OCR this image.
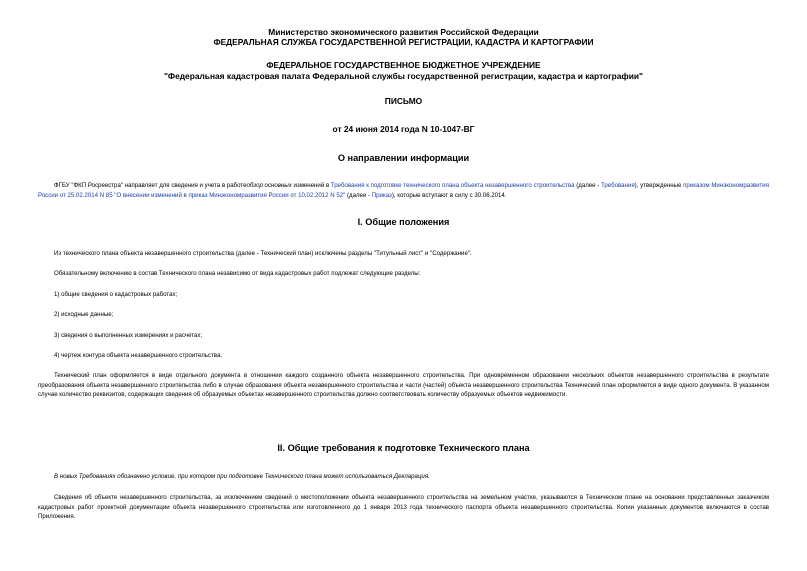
Министерство экономического развития Российской Федерации
ФЕДЕРАЛЬНАЯ СЛУЖБА ГОСУДАРСТВЕННОЙ РЕГИСТРАЦИИ, КАДАСТРА И КАРТОГРАФИИ
ФЕДЕРАЛЬНОЕ ГОСУДАРСТВЕННОЕ БЮДЖЕТНОЕ УЧРЕЖДЕНИЕ
"Федеральная кадастровая палата Федеральной службы государственной регистрации, кадастра и картографии"
ПИСЬМО
от 24 июня 2014 года N 10-1047-ВГ
О направлении информации

ФГБУ "ФКП Росреестра" направляет для сведения и учета в работеобзор основных изменений в Требования к подготовке технического плана объекта незавершенного строительства (далее - Требования), утвержденные приказом Минэкономразвития России от 25.02.2014 N 85 "О внесении изменений в приказ Минэкономразвития России от 10.02.2012 N 52" (далее - Приказ), которые вступают в силу с 30.06.2014.

I. Общие положения
Из технического плана объекта незавершенного строительства (далее - Технический план) исключены разделы "Титульный лист" и "Содержание".
Обязательному включению в состав Технического плана независимо от вида кадастровых работ подлежат следующие разделы:
1) общие сведения о кадастровых работах;
2) исходные данные;
3) сведения о выполненных измерениях и расчетах;
4) чертеж контура объекта незавершенного строительства.

Технический план оформляется в виде отдельного документа в отношении каждого созданного объекта незавершенного строительства. При одновременном образовании нескольких объектов незавершенного строительства в результате преобразования объекта незавершенного строительства либо в случае образования объекта незавершенного строительства и части (частей) объекта незавершенного строительства Технический план оформляется в виде одного документа. В указанном случае количество реквизитов, содержащих сведения об образуемых объектах незавершенного строительства должно соответствовать количеству образуемых объектов недвижимости.

II. Общие требования к подготовке Технического плана
В новых Требованиях обозначено условие, при котором при подготовке Технического плана может использоваться Декларация.

Сведения об объекте незавершенного строительства, за исключением сведений о местоположении объекта незавершенного строительства на земельном участке, указываются в Техническом плане на основании представленных заказчиком кадастровых работ проектной документации объекта незавершенного строительства или изготовленного до 1 января 2013 года технического паспорта объекта незавершенного строительства. Копии указанных документов включаются в состав Приложения.
